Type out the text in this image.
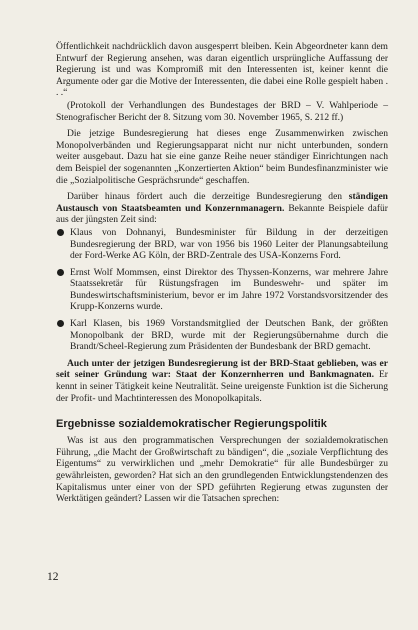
Öffentlichkeit nachdrücklich davon ausgesperrt bleiben. Kein Abgeordneter kann dem Entwurf der Regierung ansehen, was daran eigentlich ursprüngliche Auffassung der Regierung ist und was Kompromiß mit den Interessenten ist, keiner kennt die Argumente oder gar die Motive der Interessenten, die dabei eine Rolle gespielt haben . . .“

(Protokoll der Verhandlungen des Bundestages der BRD – V. Wahlperiode – Stenografischer Bericht der 8. Sitzung vom 30. November 1965, S. 212 ff.)

Die jetzige Bundesregierung hat dieses enge Zusammenwirken zwischen Monopolverbänden und Regierungsapparat nicht nur nicht unterbunden, sondern weiter ausgebaut. Dazu hat sie eine ganze Reihe neuer ständiger Einrichtungen nach dem Beispiel der sogenannten „Konzertierten Aktion“ beim Bundesfinanzminister wie die „Sozialpolitische Gesprächsrunde“ geschaffen.

Darüber hinaus fördert auch die derzeitige Bundesregierung den ständigen Austausch von Staatsbeamten und Konzernmanagern. Bekannte Beispiele dafür aus der jüngsten Zeit sind:

Klaus von Dohnanyi, Bundesminister für Bildung in der derzeitigen Bundesregierung der BRD, war von 1956 bis 1960 Leiter der Planungsabteilung der Ford-Werke AG Köln, der BRD-Zentrale des USA-Konzerns Ford.
Ernst Wolf Mommsen, einst Direktor des Thyssen-Konzerns, war mehrere Jahre Staatssekretär für Rüstungsfragen im Bundeswehr- und später im Bundeswirtschaftsministerium, bevor er im Jahre 1972 Vorstandsvorsitzender des Krupp-Konzerns wurde.
Karl Klasen, bis 1969 Vorstandsmitglied der Deutschen Bank, der größten Monopolbank der BRD, wurde mit der Regierungsübernahme durch die Brandt/Scheel-Regierung zum Präsidenten der Bundesbank der BRD gemacht.

Auch unter der jetzigen Bundesregierung ist der BRD-Staat geblieben, was er seit seiner Gründung war: Staat der Konzernherren und Bankmagnaten. Er kennt in seiner Tätigkeit keine Neutralität. Seine ureigenste Funktion ist die Sicherung der Profit- und Machtinteressen des Monopolkapitals.

Ergebnisse sozialdemokratischer Regierungspolitik

Was ist aus den programmatischen Versprechungen der sozialdemokratischen Führung, „die Macht der Großwirtschaft zu bändigen“, die „soziale Verpflichtung des Eigentums“ zu verwirklichen und „mehr Demokratie“ für alle Bundesbürger zu gewährleisten, geworden? Hat sich an den grundlegenden Entwicklungstendenzen des Kapitalismus unter einer von der SPD geführten Regierung etwas zugunsten der Werktätigen geändert? Lassen wir die Tatsachen sprechen:

12
